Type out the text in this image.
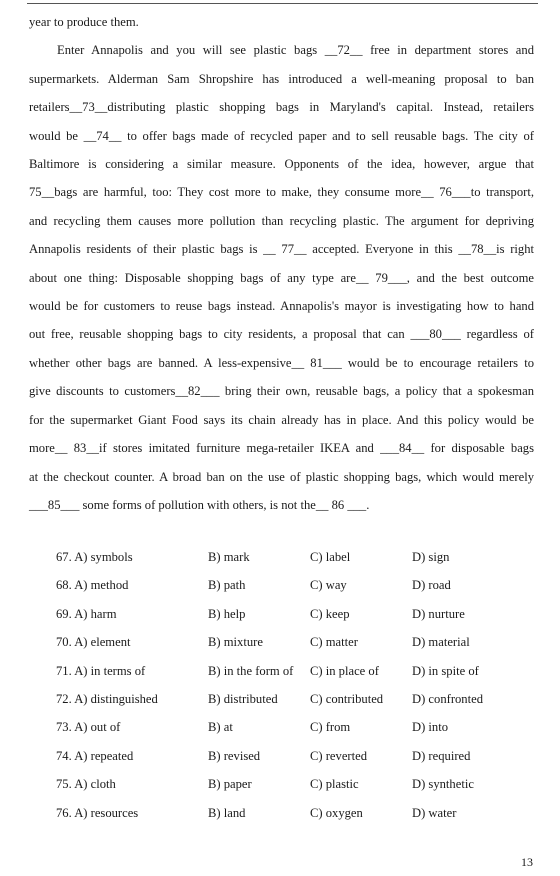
year to produce them.

Enter Annapolis and you will see plastic bags __72__ free in department stores and

supermarkets. Alderman Sam Shropshire has introduced a well-meaning proposal to ban

retailers__73__distributing plastic shopping bags in Maryland's capital. Instead, retailers

would be __74__ to offer bags made of recycled paper and to sell reusable bags. The city of

Baltimore is considering a similar measure. Opponents of the idea, however, argue that

75__bags are harmful, too: They cost more to make, they consume more__ 76___to transport,

and recycling them causes more pollution than recycling plastic. The argument for depriving

Annapolis residents of their plastic bags is __ 77__ accepted. Everyone in this __78__is right

about one thing: Disposable shopping bags of any type are__ 79___, and the best outcome

would be for customers to reuse bags instead. Annapolis's mayor is investigating how to hand

out free, reusable shopping bags to city residents, a proposal that can ___80___ regardless of

whether other bags are banned. A less-expensive__ 81___ would be to encourage retailers to

give discounts to customers__82___ bring their own, reusable bags, a policy that a spokesman

for the supermarket Giant Food says its chain already has in place. And this policy would be

more__ 83__if stores imitated furniture mega-retailer IKEA and ___84__ for disposable bags

at the checkout counter. A broad ban on the use of plastic shopping bags, which would merely

___85___ some forms of pollution with others, is not the__ 86 ___.

67. A) symbols	B) mark	C) label	D) sign
68. A) method	B) path	C) way	D) road
69. A) harm	B) help	C) keep	D) nurture
70. A) element	B) mixture	C) matter	D) material
71. A) in terms of	B) in the form of C) in place of	D) in spite of
72. A) distinguished	B) distributed	C) contributed D) confronted
73. A) out of	B) at	C) from	D) into
74. A) repeated	B) revised	C) reverted	D) required
75. A) cloth	B) paper	C) plastic	D) synthetic
76. A) resources	B) land	C) oxygen	D) water
13
